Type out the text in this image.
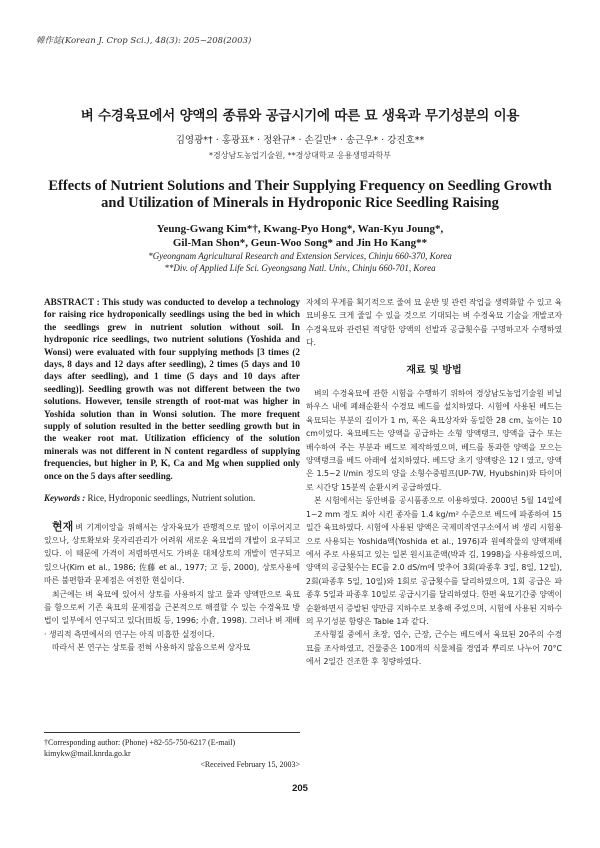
韓作誌(Korean J. Crop Sci.), 48(3): 205~208(2003)
벼 수경육묘에서 양액의 종류와 공급시기에 따른 묘 생육과 무기성분의 이용
김영광*† · 홍광표* · 정완규* · 손길만* · 송근우* · 강진호**
*경상남도농업기술원, **경상대학교 응용생명과학부
Effects of Nutrient Solutions and Their Supplying Frequency on Seedling Growth
and Utilization of Minerals in Hydroponic Rice Seedling Raising
Yeung-Gwang Kim*†, Kwang-Pyo Hong*, Wan-Kyu Joung*,
Gil-Man Shon*, Geun-Woo Song* and Jin Ho Kang**
*Gyeongnam Agricultural Research and Extension Services, Chinju 660-370, Korea
**Div. of Applied Life Sci. Gyeongsang Natl. Univ., Chinju 660-701, Korea
ABSTRACT : This study was conducted to develop a technology for raising rice hydroponically seedlings using the bed in which the seedlings grew in nutrient solution without soil. In hydroponic rice seedlings, two nutrient solutions (Yoshida and Wonsi) were evaluated with four supplying methods [3 times (2 days, 8 days and 12 days after seedling), 2 times (5 days and 10 days after seedling), and 1 time (5 days and 10 days after seedling)]. Seedling growth was not different between the two solutions. However, tensile strength of root-mat was higher in Yoshida solution than in Wonsi solution. The more frequent supply of solution resulted in the better seedling growth but in the weaker root mat. Utilization efficiency of the solution minerals was not different in N content regardless of supplying frequencies, but higher in P, K, Ca and Mg when supplied only once on the 5 days after seedling.
Keywords : Rice, Hydroponic seedlings, Nutrient solution.
현재 벼 기계이앙을 위해서는 상자육묘가 관행적으로 많이 이루어지고 있으나, 상토확보와 못자리관리가 어려워 새로운 육묘법의 개발이 요구되고 있다. 이 때문에 가격이 저렴하면서도 가벼운 대체상토의 개발이 연구되고 있으나(Kim et al., 1986; 佐藤 et al., 1977; 고 등, 2000), 상토사용에 따른 불편함과 문제점은 여전한 현실이다.
최근에는 벼 육묘에 있어서 상토를 사용하지 않고 물과 양액만으로 육묘를 함으로써 기존 육묘의 문제점을 근본적으로 해결할 수 있는 수경육묘 방법이 일부에서 연구되고 있다(田坂 등, 1996; 小倉, 1998). 그러나 벼 재배 · 생리적 측면에서의 연구는 아직 미흡한 실정이다.
따라서 본 연구는 상토를 전혀 사용하지 않음으로써 상자묘
자체의 무게를 획기적으로 줄여 묘 운반 및 관련 작업을 생력화할 수 있고 육묘비용도 크게 줄일 수 있을 것으로 기대되는 벼 수경육묘 기술을 개발코자 수경육묘와 관련된 적당한 양액의 선발과 공급횟수를 구명하고자 수행하였다.
재료 및 방법
벼의 수경육묘에 관한 시험을 수행하기 위하여 경상남도농업기술원 비닐하우스 내에 폐쇄순환식 수경묘 베드를 설치하였다. 시험에 사용된 베드는 육묘되는 부분의 길이가 1 m, 폭은 육묘상자와 동일한 28 cm, 높이는 10 cm이었다. 육묘베드는 양액을 공급하는 소형 양액탱크, 양액을 급수 또는 배수하여 주는 부분과 베드로 제작하였으며, 베드를 통과한 양액을 모으는 양액탱크를 베드 아래에 설치하였다. 베드당 초기 양액량은 12 l 였고, 양액은 1.5~2 l/min 정도의 양을 소형수중펌프(UP-7W, Hyubshin)와 타이머로 시간당 15분씩 순환시켜 공급하였다.
본 시험에서는 동안벼를 공시품종으로 이용하였다. 2000년 5월 14일에 1~2 mm 정도 최아 시킨 종자를 1.4 kg/m² 수준으로 베드에 파종하여 15일간 육묘하였다. 시험에 사용된 양액은 국제미작연구소에서 벼 생리 시험용으로 사용되는 Yoshida액(Yoshida et al., 1976)과 원예작물의 양액재배에서 주로 사용되고 있는 일본 원시표준액(박과 김, 1998)을 사용하였으며, 양액의 공급횟수는 EC를 2.0 dS/m에 맞추어 3회(파종후 3일, 8일, 12일), 2회(파종후 5일, 10일)와 1회로 공급횟수를 달리하였으며, 1회 공급은 파종후 5일과 파종후 10일로 공급시기를 달리하였다. 한편 육묘기간중 양액이 순환하면서 증발된 양만큼 지하수로 보충해 주었으며, 시험에 사용된 지하수의 무기성분 함량은 Table 1과 같다.
조사형질 중에서 초장, 엽수, 근장, 근수는 베드에서 육묘된 20주의 수경묘를 조사하였고, 건물중은 100개의 식물체를 경엽과 뿌리로 나누어 70°C에서 2일간 건조한 후 칭량하였다.
†Corresponding author: (Phone) +82-55-750-6217 (E-mail) kimykw@mail.knrda.go.kr
<Received February 15, 2003>
205
